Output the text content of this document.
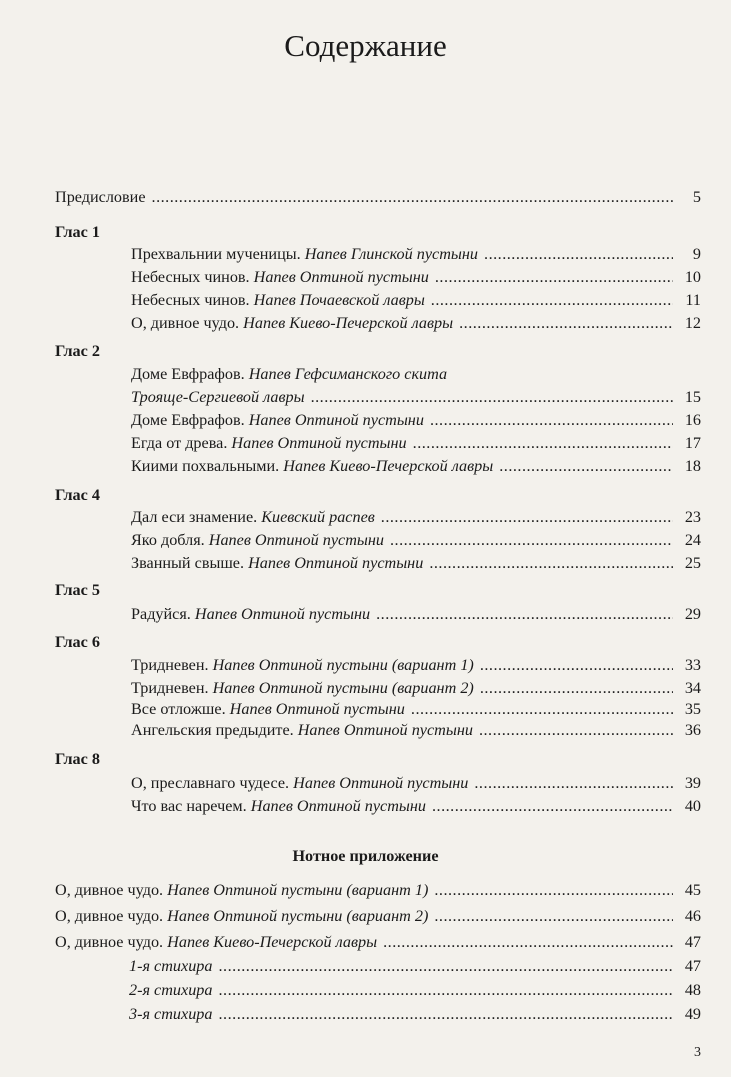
Содержание
Предисловие .....	5
Глас 1
Прехвальнии мученицы.
Напев Глинской пустыни .....	9
Небесных чинов.
Напев Оптиной пустыни .....	10
Небесных чинов.
Напев Почаевской лавры .....	11
О, дивное чудо.
Напев Киево-Печерской лавры .....	12
Глас 2
Доме Евфрафов. Напев Гефсиманского скита
Трояще-Сергиевой лавры .....	15
Доме Евфрафов.
Напев Оптиной пустыни .....	16
Егда от древа.
Напев Оптиной пустыни .....	17
Киими похвальными.
Напев Киево-Печерской лавры .....	18
Глас 4
Дал еси знамение.
Киевский распев .....	23
Яко добля.
Напев Оптиной пустыни .....	24
Званный свыше.
Напев Оптиной пустыни .....	25
Глас 5
Радуйся.
Напев Оптиной пустыни .....	29
Глас 6
Тридневен.
Напев Оптиной пустыни (вариант 1) .....	33
Тридневен.
Напев Оптиной пустыни (вариант 2) .....	34
Все отложше.
Напев Оптиной пустыни .....	35
Ангельския предыдите.
Напев Оптиной пустыни .....	36
Глас 8
О, преславнаго чудесе.
Напев Оптиной пустыни .....	39
Что вас наречем.
Напев Оптиной пустыни .....	40
Нотное приложение
О, дивное чудо.
Напев Оптиной пустыни (вариант 1) .....	45
О, дивное чудо.
Напев Оптиной пустыни (вариант 2) .....	46
О, дивное чудо.
Напев Киево-Печерской лавры .....	47
1-я стихира .....	47
2-я стихира .....	48
3-я стихира .....	49
3
